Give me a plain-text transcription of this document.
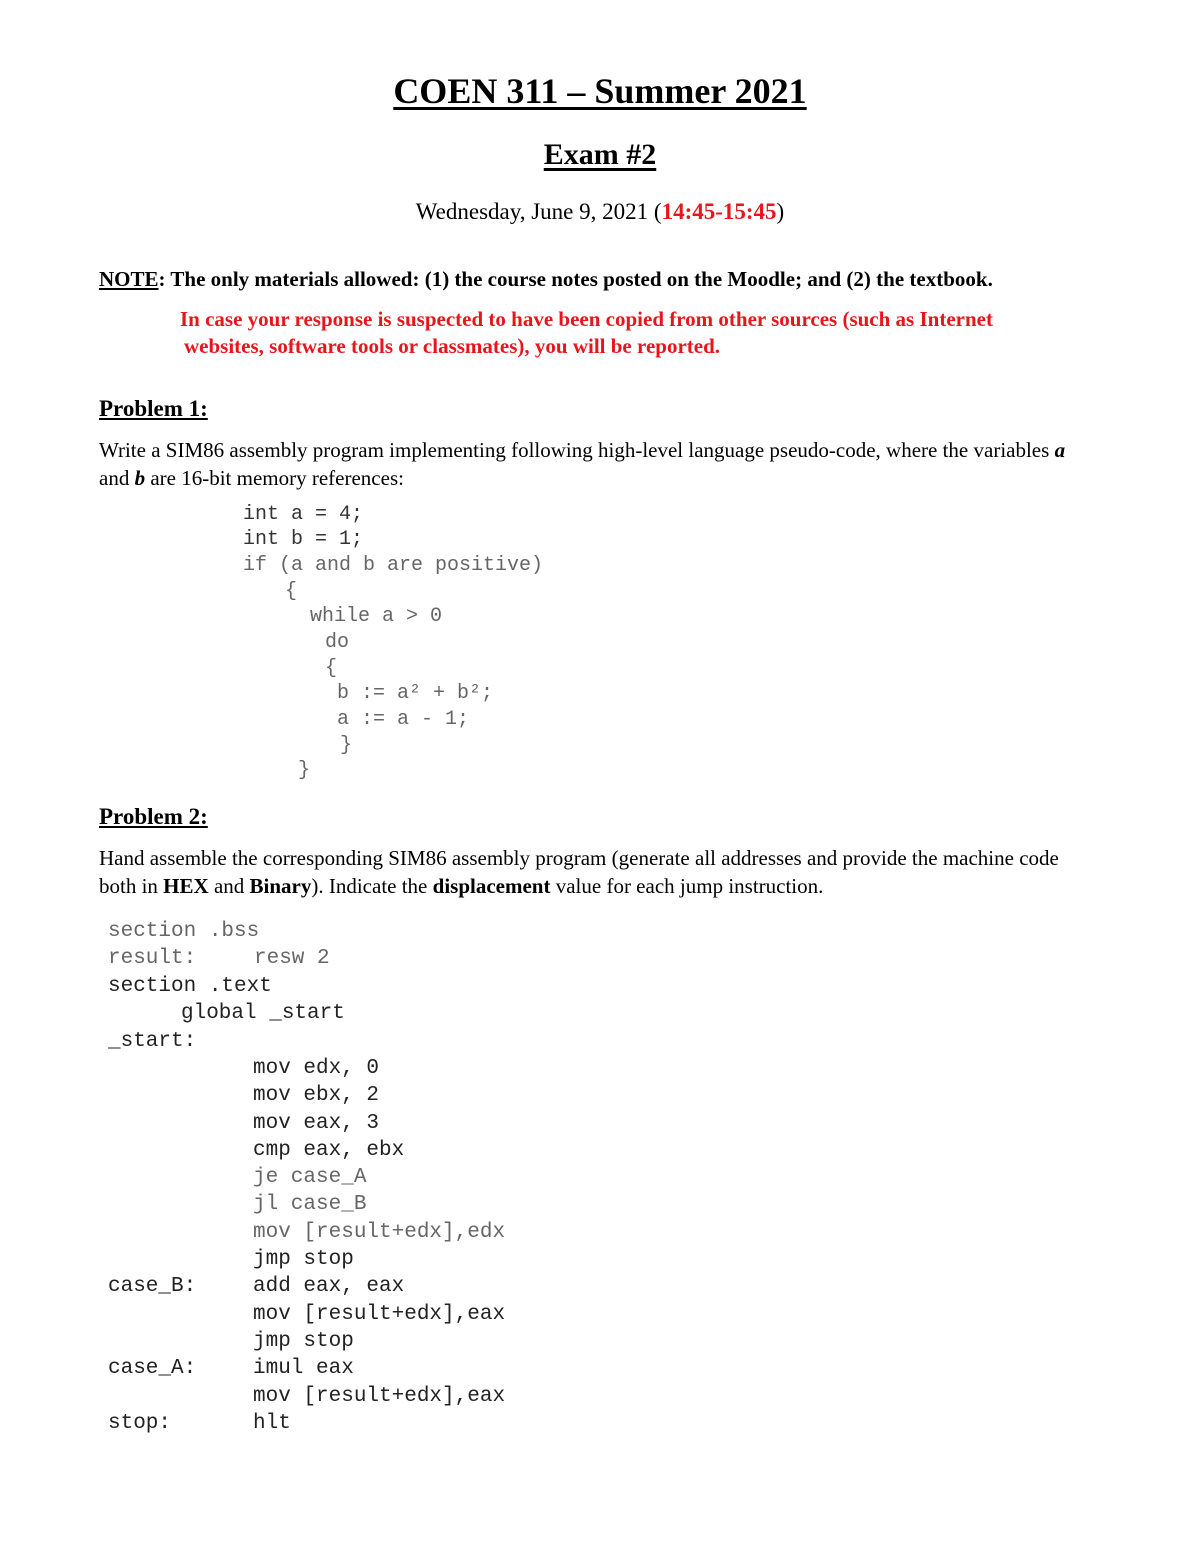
COEN 311 – Summer 2021
Exam #2
Wednesday, June 9, 2021 (14:45-15:45)
NOTE: The only materials allowed: (1) the course notes posted on the Moodle; and (2) the textbook.
In case your response is suspected to have been copied from other sources (such as Internet
websites, software tools or classmates), you will be reported.
Problem 1:
Write a SIM86 assembly program implementing following high-level language pseudo-code, where the variables a and b are 16-bit memory references:
int a = 4;
int b = 1;
if (a and b are positive)
{
while a > 0
do
{
b := a² + b²;
a := a - 1;
}
}
Problem 2:
Hand assemble the corresponding SIM86 assembly program (generate all addresses and provide the machine code both in HEX and Binary). Indicate the displacement value for each jump instruction.
section .bss
result:	resw 2
section .text
global _start
_start:
mov edx, 0
mov ebx, 2
mov eax, 3
cmp eax, ebx
je case_A
jl case_B
mov [result+edx],edx
jmp stop
case_B:	add eax, eax
mov [result+edx],eax
jmp stop
case_A:	imul eax
mov [result+edx],eax
stop:	hlt
